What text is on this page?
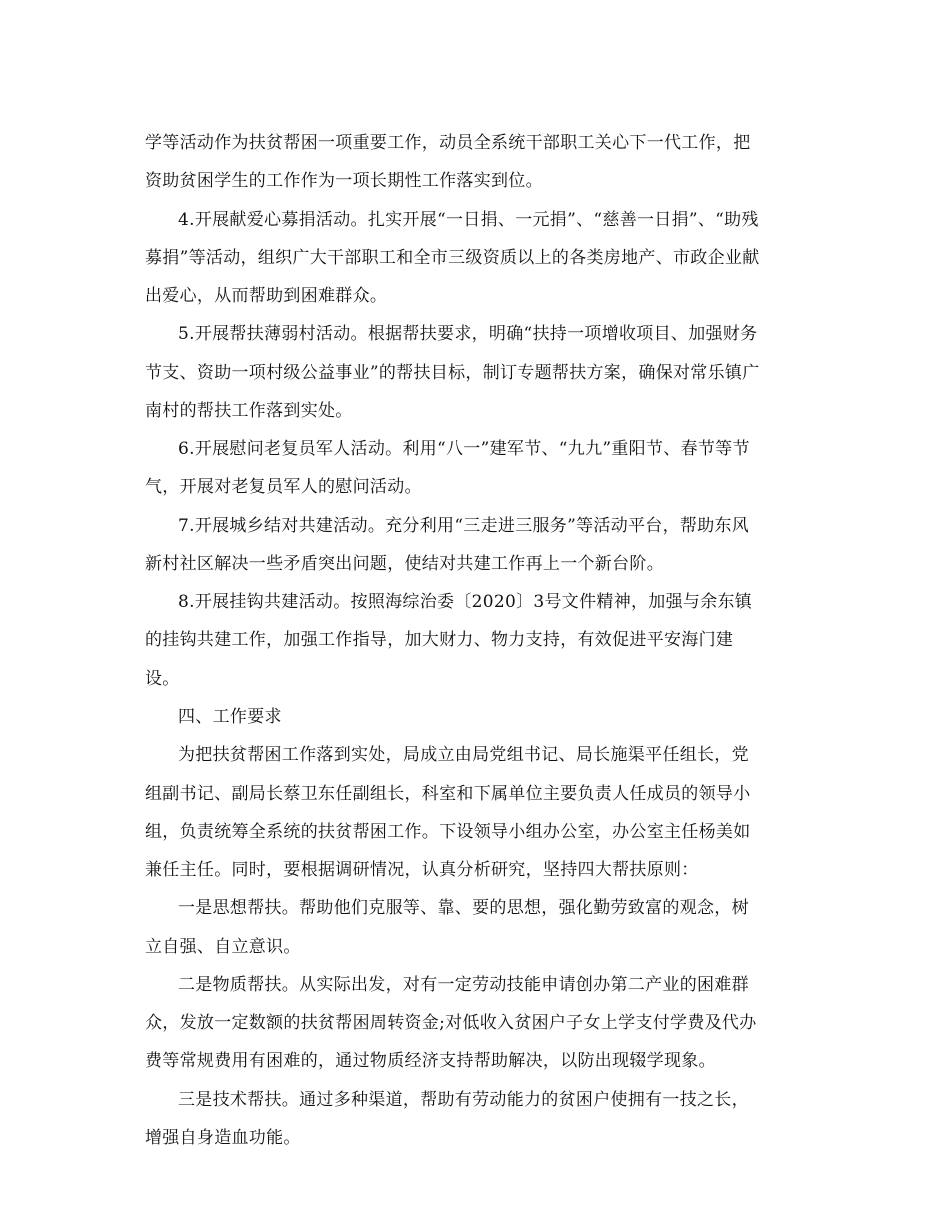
学等活动作为扶贫帮困一项重要工作，动员全系统干部职工关心下一代工作，把
资助贫困学生的工作作为一项长期性工作落实到位。
4.开展献爱心募捐活动。扎实开展“一日捐、一元捐”、“慈善一日捐”、“助残
募捐”等活动，组织广大干部职工和全市三级资质以上的各类房地产、市政企业献
出爱心，从而帮助到困难群众。
5.开展帮扶薄弱村活动。根据帮扶要求，明确“扶持一项增收项目、加强财务
节支、资助一项村级公益事业”的帮扶目标，制订专题帮扶方案，确保对常乐镇广
南村的帮扶工作落到实处。
6.开展慰问老复员军人活动。利用“八一”建军节、“九九”重阳节、春节等节
气，开展对老复员军人的慰问活动。
7.开展城乡结对共建活动。充分利用“三走进三服务”等活动平台，帮助东风
新村社区解决一些矛盾突出问题，使结对共建工作再上一个新台阶。
8.开展挂钩共建活动。按照海综治委〔2020〕3号文件精神，加强与余东镇
的挂钩共建工作，加强工作指导，加大财力、物力支持，有效促进平安海门建
设。
四、工作要求
为把扶贫帮困工作落到实处，局成立由局党组书记、局长施渠平任组长，党
组副书记、副局长蔡卫东任副组长，科室和下属单位主要负责人任成员的领导小
组，负责统筹全系统的扶贫帮困工作。下设领导小组办公室，办公室主任杨美如
兼任主任。同时，要根据调研情况，认真分析研究，坚持四大帮扶原则：
一是思想帮扶。帮助他们克服等、靠、要的思想，强化勤劳致富的观念，树
立自强、自立意识。
二是物质帮扶。从实际出发，对有一定劳动技能申请创办第二产业的困难群
众，发放一定数额的扶贫帮困周转资金;对低收入贫困户子女上学支付学费及代办
费等常规费用有困难的，通过物质经济支持帮助解决，以防出现辍学现象。
三是技术帮扶。通过多种渠道，帮助有劳动能力的贫困户使拥有一技之长，
增强自身造血功能。
